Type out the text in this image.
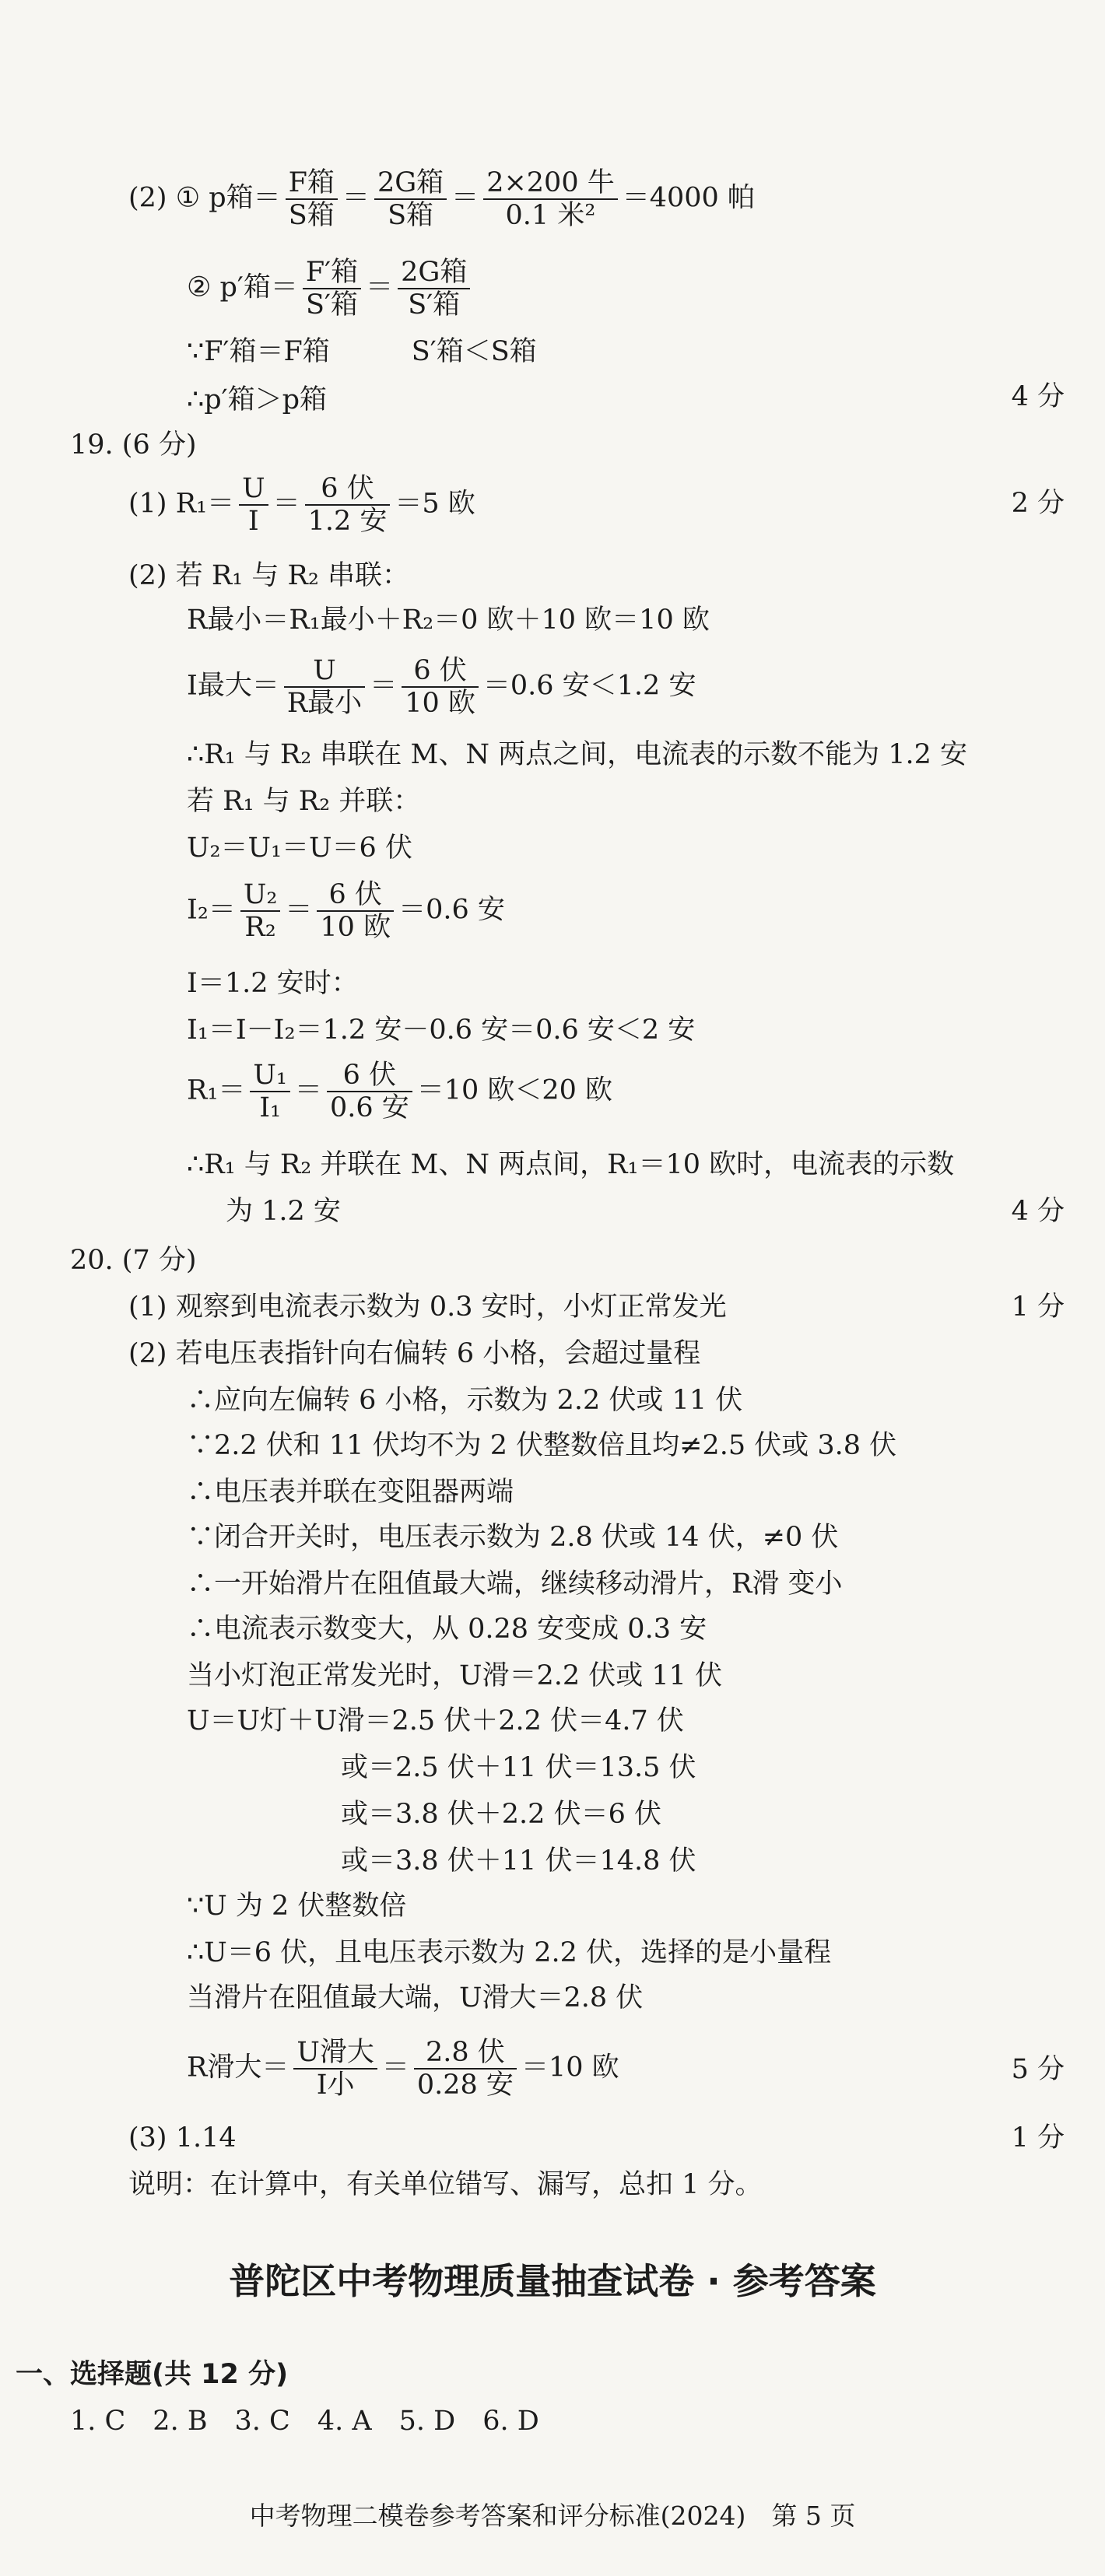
(2) ① p箱＝ F箱
S箱
＝ 2G箱
S箱
＝ 2×200 牛
0.1 米²
＝4000 帕
② p′箱＝ F′箱
S′箱
＝ 2G箱
S′箱
∵F′箱＝F箱　　　S′箱＜S箱
∴p′箱＞p箱	4 分
19. (6 分)
(1) $R_1= \frac{U}{I} = 6$ 伏
1.2 安
＝5 欧	2 分
(2) 若 R₁ 与 R₂ 串联：
R最小＝R₁最小＋R₂＝0 欧＋10 欧＝10 欧
I最大＝	U
R最小
＝ 6 伏
10 欧
＝0.6 安＜1.2 安
∴R₁ 与 R₂ 串联在 M、N 两点之间，电流表的示数不能为 1.2 安
若 R₁ 与 R₂ 并联：
U₂＝U₁＝U＝6 伏
$I_2= \frac{\text{U₂}}{\text{R₂}} = 6$ 伏
10 欧
＝0.6 安
I＝1.2 安时：
I₁＝I－I₂＝1.2 安－0.6 安＝0.6 安＜2 安
$R_1= \frac{\text{U₁}}{\text{I₁}} = 6$ 伏
0.6 安
＝10 欧＜20 欧
∴R₁ 与 R₂ 并联在 M、N 两点间，R₁＝10 欧时，电流表的示数
为 1.2 安	4 分
20. (7 分)
(1) 观察到电流表示数为 0.3 安时，小灯正常发光	1 分
(2) 若电压表指针向右偏转 6 小格，会超过量程
∴应向左偏转 6 小格，示数为 2.2 伏或 11 伏
∵2.2 伏和 11 伏均不为 2 伏整数倍且均≠2.5 伏或 3.8 伏
∴电压表并联在变阻器两端
∵闭合开关时，电压表示数为 2.8 伏或 14 伏，≠0 伏
∴一开始滑片在阻值最大端，继续移动滑片，R滑 变小
∴电流表示数变大，从 0.28 安变成 0.3 安
当小灯泡正常发光时，U滑＝2.2 伏或 11 伏
U＝U灯＋U滑＝2.5 伏＋2.2 伏＝4.7 伏
或＝2.5 伏＋11 伏＝13.5 伏
或＝3.8 伏＋2.2 伏＝6 伏
或＝3.8 伏＋11 伏＝14.8 伏
∵U 为 2 伏整数倍
∴U＝6 伏，且电压表示数为 2.2 伏，选择的是小量程
当滑片在阻值最大端，U滑大＝2.8 伏
R滑大＝ U滑大
I小
＝ 2.8 伏
0.28 安
＝10 欧	5 分
(3) 1.14	1 分
说明：在计算中，有关单位错写、漏写，总扣 1 分。
普陀区中考物理质量抽查试卷 · 参考答案
一、选择题(共 12 分)
1. C　2. B　3. C　4. A　5. D　6. D
中考物理二模卷参考答案和评分标准(2024)　第 5 页
